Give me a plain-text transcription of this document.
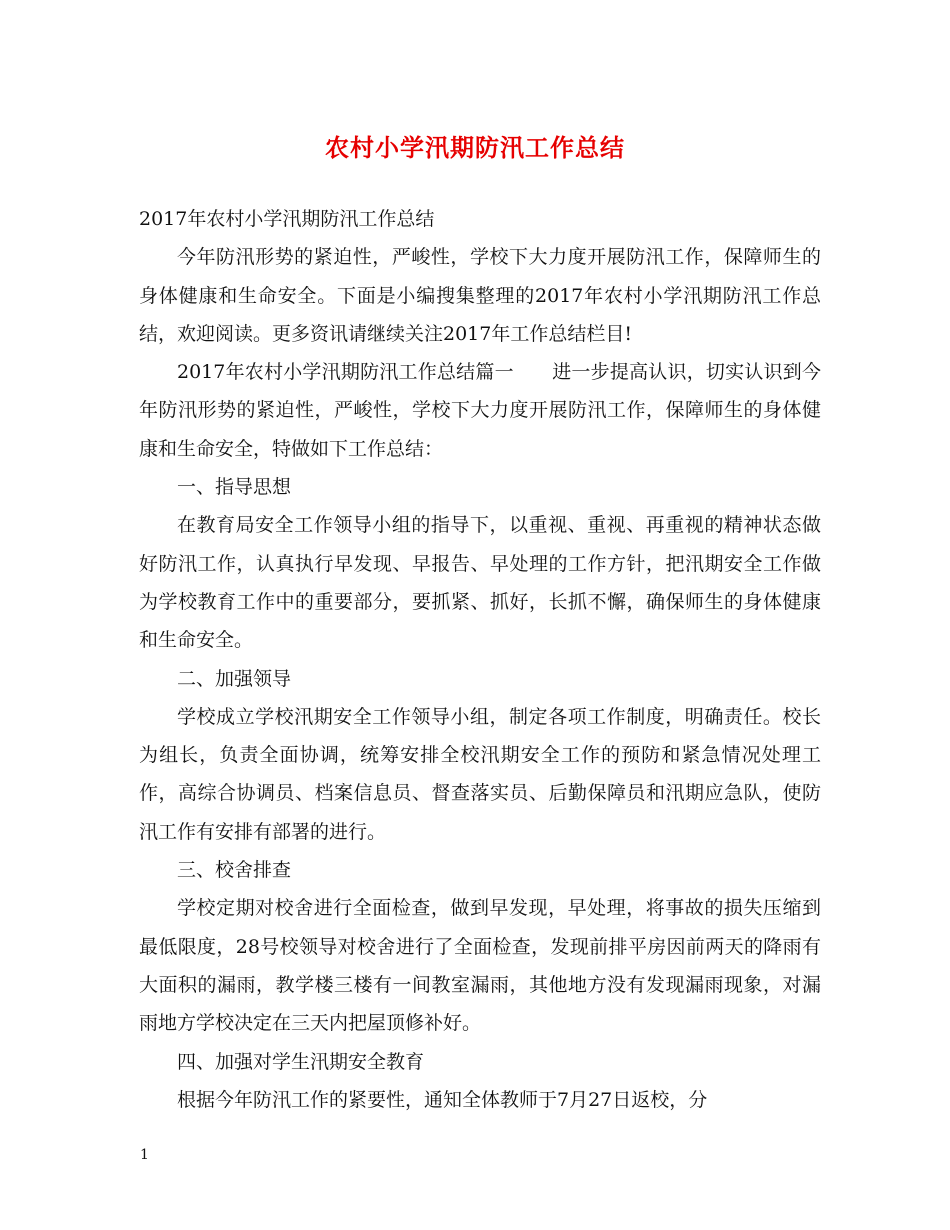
农村小学汛期防汛工作总结

2017年农村小学汛期防汛工作总结

今年防汛形势的紧迫性，严峻性，学校下大力度开展防汛工作，保障师生的身体健康和生命安全。下面是小编搜集整理的2017年农村小学汛期防汛工作总结，欢迎阅读。更多资讯请继续关注2017年工作总结栏目!

2017年农村小学汛期防汛工作总结篇一　　进一步提高认识，切实认识到今年防汛形势的紧迫性，严峻性，学校下大力度开展防汛工作，保障师生的身体健康和生命安全，特做如下工作总结：

一、指导思想

在教育局安全工作领导小组的指导下，以重视、重视、再重视的精神状态做好防汛工作，认真执行早发现、早报告、早处理的工作方针，把汛期安全工作做为学校教育工作中的重要部分，要抓紧、抓好，长抓不懈，确保师生的身体健康和生命安全。

二、加强领导

学校成立学校汛期安全工作领导小组，制定各项工作制度，明确责任。校长为组长，负责全面协调，统筹安排全校汛期安全工作的预防和紧急情况处理工作，高综合协调员、档案信息员、督查落实员、后勤保障员和汛期应急队，使防汛工作有安排有部署的进行。

三、校舍排查

学校定期对校舍进行全面检查，做到早发现，早处理，将事故的损失压缩到最低限度，28号校领导对校舍进行了全面检查，发现前排平房因前两天的降雨有大面积的漏雨，教学楼三楼有一间教室漏雨，其他地方没有发现漏雨现象，对漏雨地方学校决定在三天内把屋顶修补好。

四、加强对学生汛期安全教育

根据今年防汛工作的紧要性，通知全体教师于7月27日返校，分

1
